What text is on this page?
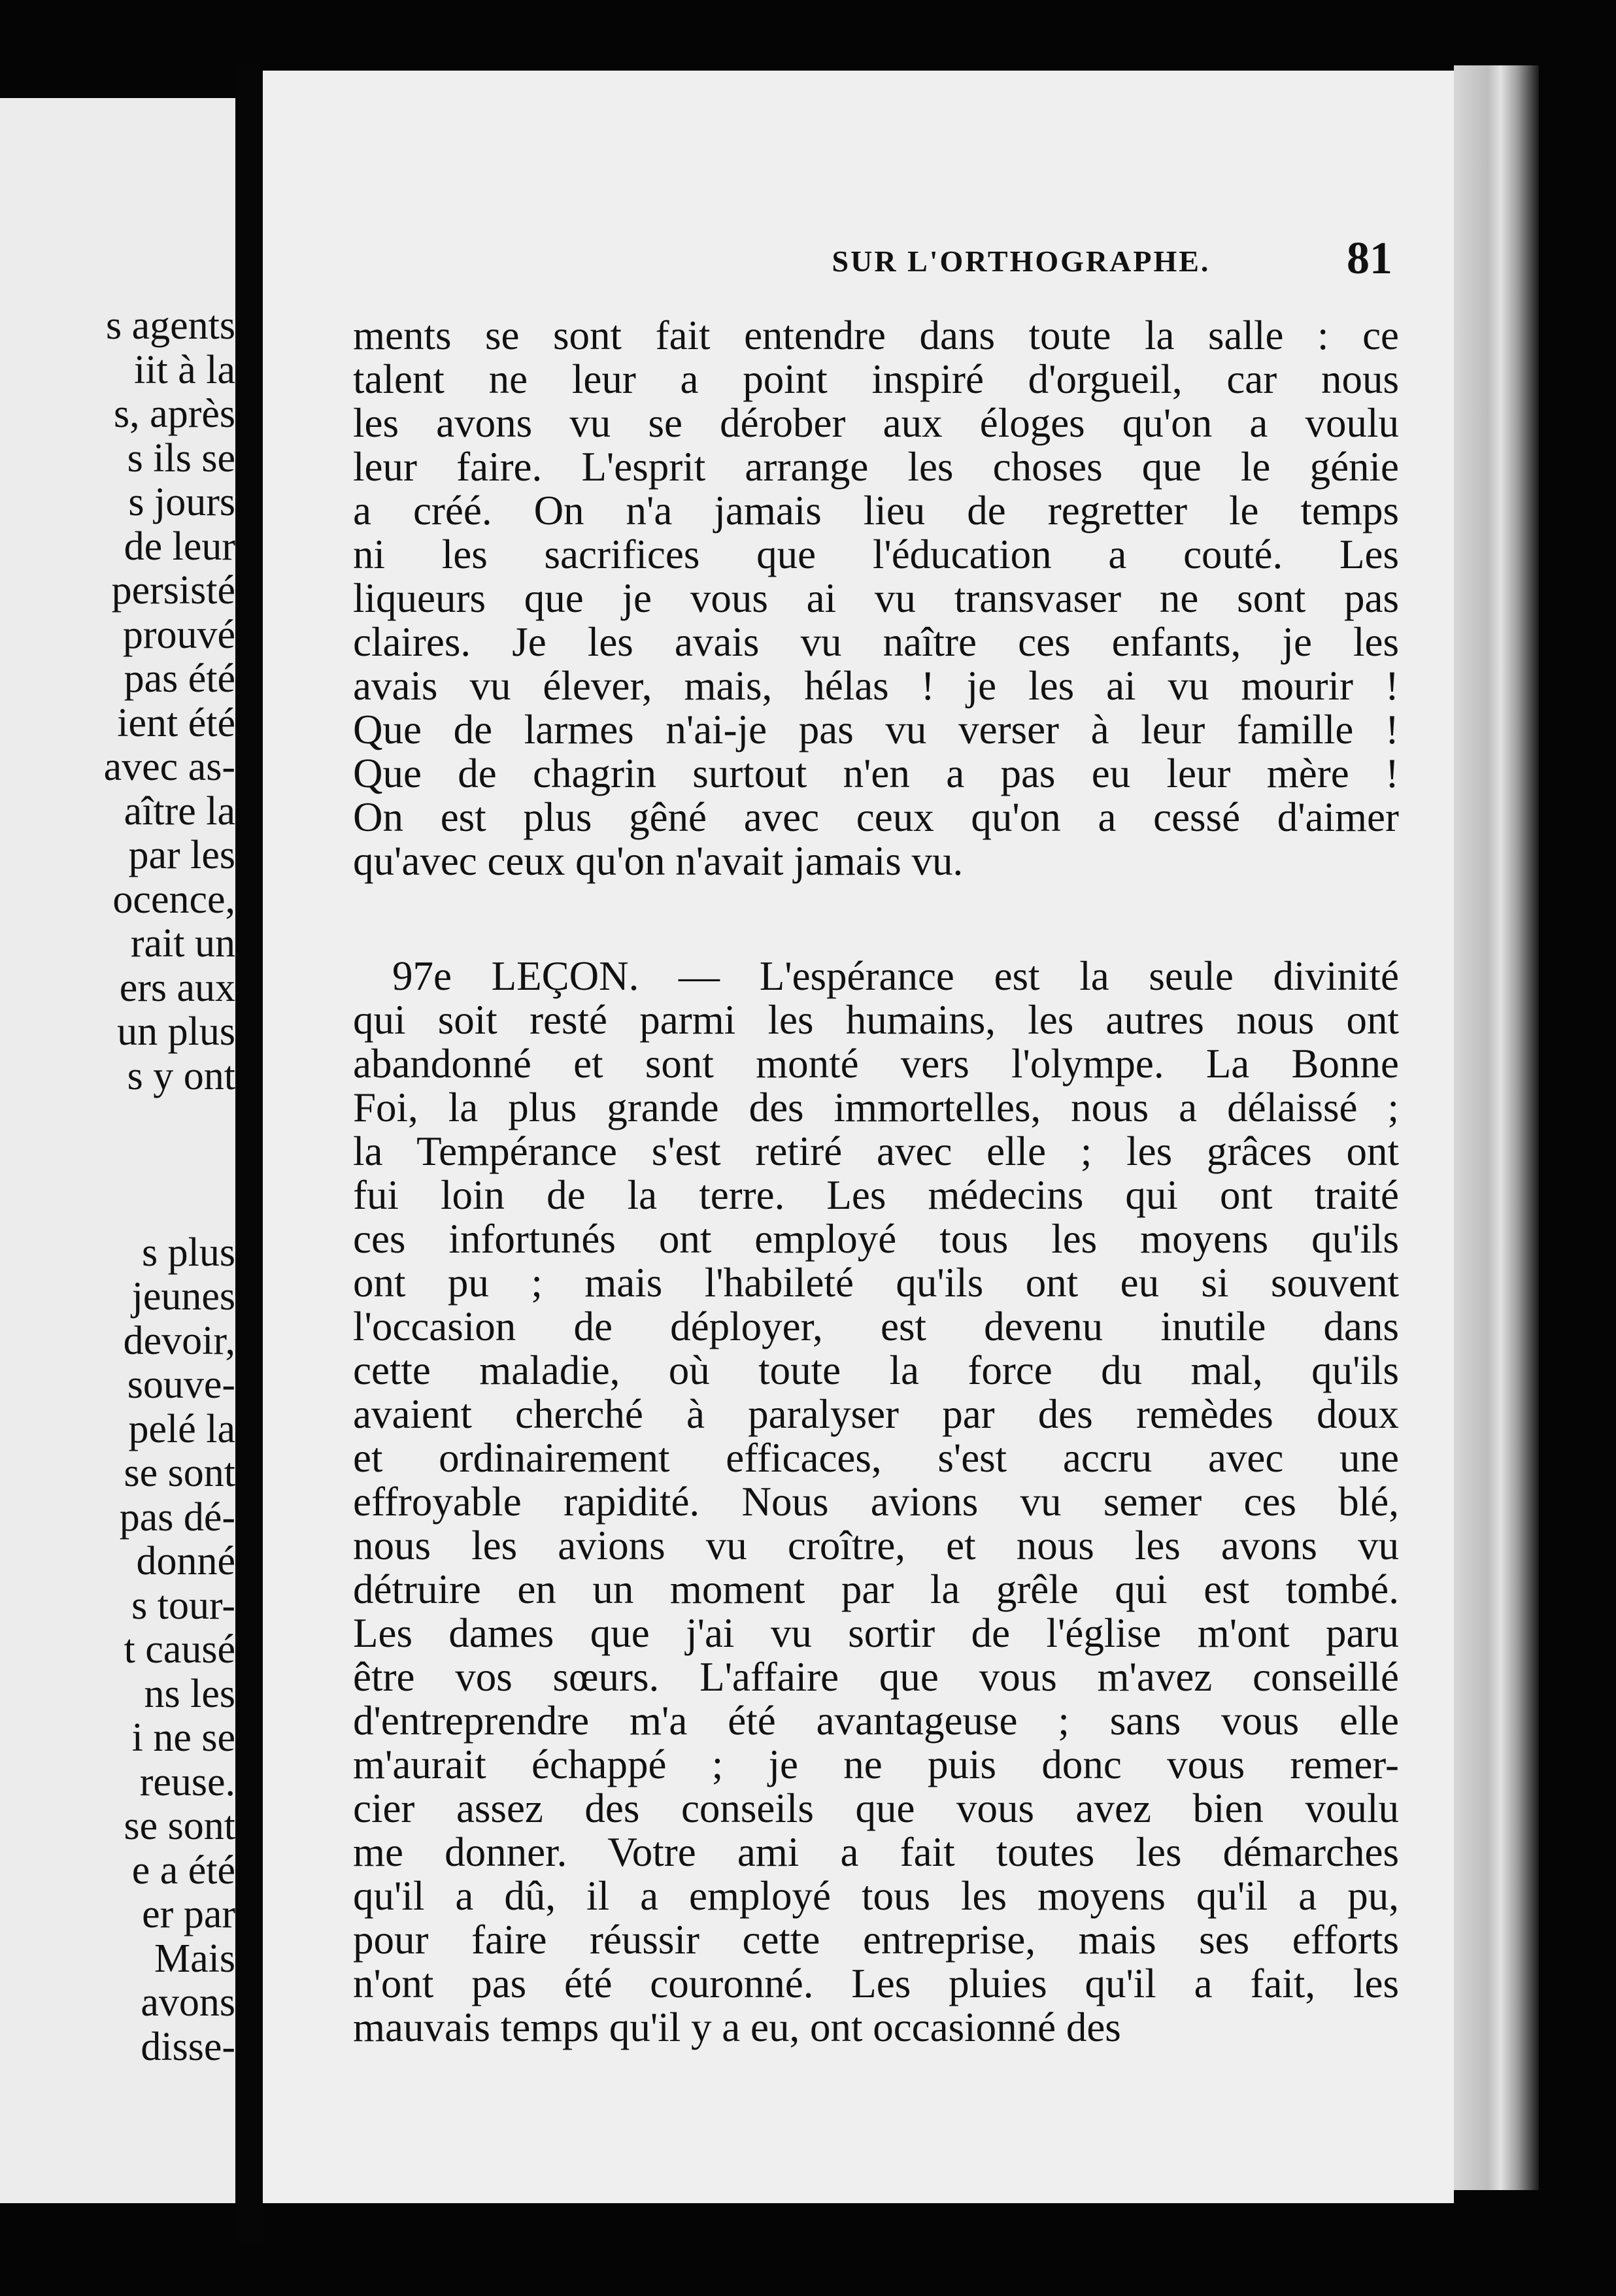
s agents
iit à la
s, après
s ils se
s jours
de leur
persisté
prouvé
pas été
ient été
avec as-
aître la
par les
ocence,
rait un
ers aux
un plus
s y ont

s plus
jeunes
devoir,
souve-
pelé la
se sont
pas dé-
donné
s tour-
t causé
ns les
i ne se
reuse.
se sont
e a été
er par
Mais
avons
disse-
SUR L'ORTHOGRAPHE.	81
ments se sont fait entendre dans toute la salle : ce
talent ne leur a point inspiré d'orgueil, car nous
les avons vu se dérober aux éloges qu'on a voulu
leur faire. L'esprit arrange les choses que le génie
a créé. On n'a jamais lieu de regretter le temps
ni les sacrifices que l'éducation a couté. Les
liqueurs que je vous ai vu transvaser ne sont pas
claires. Je les avais vu naître ces enfants, je les
avais vu élever, mais, hélas ! je les ai vu mourir !
Que de larmes n'ai-je pas vu verser à leur famille !
Que de chagrin surtout n'en a pas eu leur mère !
On est plus gêné avec ceux qu'on a cessé d'aimer
qu'avec ceux qu'on n'avait jamais vu.
97e LEÇON. — L'espérance est la seule divinité
qui soit resté parmi les humains, les autres nous ont
abandonné et sont monté vers l'olympe. La Bonne
Foi, la plus grande des immortelles, nous a délaissé ;
la Tempérance s'est retiré avec elle ; les grâces ont
fui loin de la terre. Les médecins qui ont traité
ces infortunés ont employé tous les moyens qu'ils
ont pu ; mais l'habileté qu'ils ont eu si souvent
l'occasion de déployer, est devenu inutile dans
cette maladie, où toute la force du mal, qu'ils
avaient cherché à paralyser par des remèdes doux
et ordinairement efficaces, s'est accru avec une
effroyable rapidité. Nous avions vu semer ces blé,
nous les avions vu croître, et nous les avons vu
détruire en un moment par la grêle qui est tombé.
Les dames que j'ai vu sortir de l'église m'ont paru
être vos sœurs. L'affaire que vous m'avez conseillé
d'entreprendre m'a été avantageuse ; sans vous elle
m'aurait échappé ; je ne puis donc vous remer-
cier assez des conseils que vous avez bien voulu
me donner. Votre ami a fait toutes les démarches
qu'il a dû, il a employé tous les moyens qu'il a pu,
pour faire réussir cette entreprise, mais ses efforts
n'ont pas été couronné. Les pluies qu'il a fait, les
mauvais temps qu'il y a eu, ont occasionné des
